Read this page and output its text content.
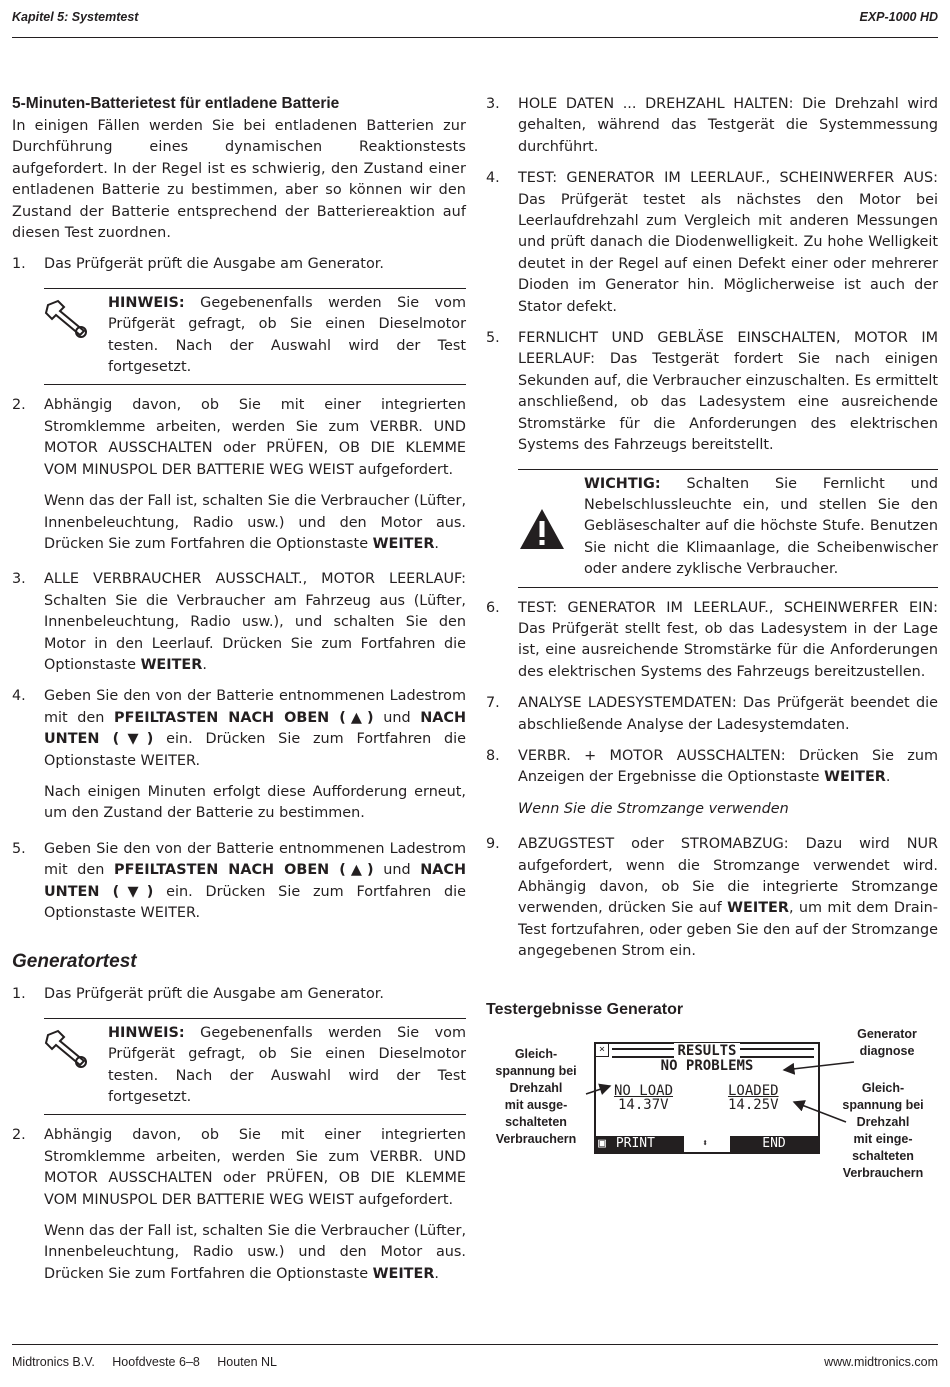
Kapitel 5: Systemtest	EXP-1000 HD
5-Minuten-Batterietest für entladene Batterie

In einigen Fällen werden Sie bei entladenen Batterien zur Durchführung eines dynamischen Reaktionstests aufgefordert. In der Regel ist es schwierig, den Zustand einer entladenen Batterie zu bestimmen, aber so können wir den Zustand der Batterie entsprechend der Batteriereaktion auf diesen Test zuordnen.

1.	Das Prüfgerät prüft die Ausgabe am Generator.
HINWEIS: Gegebenenfalls werden Sie vom Prüfgerät gefragt, ob Sie einen Dieselmotor testen. Nach der Auswahl wird der Test fortgesetzt.
2.	Abhängig davon, ob Sie mit einer integrierten Stromklemme arbeiten, werden Sie zum VERBR. UND MOTOR AUSSCHALTEN oder PRÜFEN, OB DIE KLEMME VOM MINUSPOL DER BATTERIE WEG WEIST aufgefordert.

Wenn das der Fall ist, schalten Sie die Verbraucher (Lüfter, Innenbeleuchtung, Radio usw.) und den Motor aus. Drücken Sie zum Fortfahren die Optionstaste WEITER.

3.	ALLE VERBRAUCHER AUSSCHALT., MOTOR LEERLAUF: Schalten Sie die Verbraucher am Fahrzeug aus (Lüfter, Innenbeleuchtung, Radio usw.), und schalten Sie den Motor in den Leerlauf. Drücken Sie zum Fortfahren die Optionstaste WEITER.
4.	Geben Sie den von der Batterie entnommenen Ladestrom mit den PFEILTASTEN NACH OBEN (▲) und NACH UNTEN (▼) ein. Drücken Sie zum Fortfahren die Optionstaste WEITER.

Nach einigen Minuten erfolgt diese Aufforderung erneut, um den Zustand der Batterie zu bestimmen.

5.	Geben Sie den von der Batterie entnommenen Ladestrom mit den PFEILTASTEN NACH OBEN (▲) und NACH UNTEN (▼) ein. Drücken Sie zum Fortfahren die Optionstaste WEITER.
Generatortest
1.	Das Prüfgerät prüft die Ausgabe am Generator.
HINWEIS: Gegebenenfalls werden Sie vom Prüfgerät gefragt, ob Sie einen Dieselmotor testen. Nach der Auswahl wird der Test fortgesetzt.
2.	Abhängig davon, ob Sie mit einer integrierten Stromklemme arbeiten, werden Sie zum VERBR. UND MOTOR AUSSCHALTEN oder PRÜFEN, OB DIE KLEMME VOM MINUSPOL DER BATTERIE WEG WEIST aufgefordert.

Wenn das der Fall ist, schalten Sie die Verbraucher (Lüfter, Innenbeleuchtung, Radio usw.) und den Motor aus. Drücken Sie zum Fortfahren die Optionstaste WEITER.

3.	HOLE DATEN ... DREHZAHL HALTEN: Die Drehzahl wird gehalten, während das Testgerät die Systemmessung durchführt.
4.	TEST: GENERATOR IM LEERLAUF., SCHEINWERFER AUS: Das Prüfgerät testet als nächstes den Motor bei Leerlaufdrehzahl zum Vergleich mit anderen Messungen und prüft danach die Diodenwelligkeit. Zu hohe Welligkeit deutet in der Regel auf einen Defekt einer oder mehrerer Dioden im Generator hin. Möglicherweise ist auch der Stator defekt.
5.	FERNLICHT UND GEBLÄSE EINSCHALTEN, MOTOR IM LEERLAUF: Das Testgerät fordert Sie nach einigen Sekunden auf, die Verbraucher einzuschalten. Es ermittelt anschließend, ob das Ladesystem eine ausreichende Stromstärke für die Anforderungen des elektrischen Systems des Fahrzeugs bereitstellt.
WICHTIG: Schalten Sie Fernlicht und Nebelschlussleuchte ein, und stellen Sie den Gebläseschalter auf die höchste Stufe. Benutzen Sie nicht die Klimaanlage, die Scheibenwischer oder andere zyklische Verbraucher.
6.	TEST: GENERATOR IM LEERLAUF., SCHEINWERFER EIN: Das Prüfgerät stellt fest, ob das Ladesystem in der Lage ist, eine ausreichende Stromstärke für die Anforderungen des elektrischen Systems des Fahrzeugs bereitzustellen.
7.	ANALYSE LADESYSTEMDATEN: Das Prüfgerät beendet die abschließende Analyse der Ladesystemdaten.
8.	VERBR. + MOTOR AUSSCHALTEN: Drücken Sie zum Anzeigen der Ergebnisse die Optionstaste WEITER.

Wenn Sie die Stromzange verwenden

9.	ABZUGSTEST oder STROMABZUG: Dazu wird NUR aufgefordert, wenn die Stromzange verwendet wird. Abhängig davon, ob Sie die integrierte Stromzange verwenden, drücken Sie auf WEITER, um mit dem Drain-Test fortzufahren, oder geben Sie den auf der Stromzange angegebenen Strom ein.
Testergebnisse Generator
Gleich-
spannung bei
Drehzahl
mit ausge-
schalteten
Verbrauchern
Generator
diagnose
Gleich-
spannung bei
Drehzahl
mit einge-
schalteten
Verbrauchern
×	RESULTS
NO PROBLEMS
NO LOAD
14.37V
LOADED
14.25V
▣ PRINT	⬍	END
Midtronics B.V. Hoofdveste 6–8 Houten NL	www.midtronics.com
